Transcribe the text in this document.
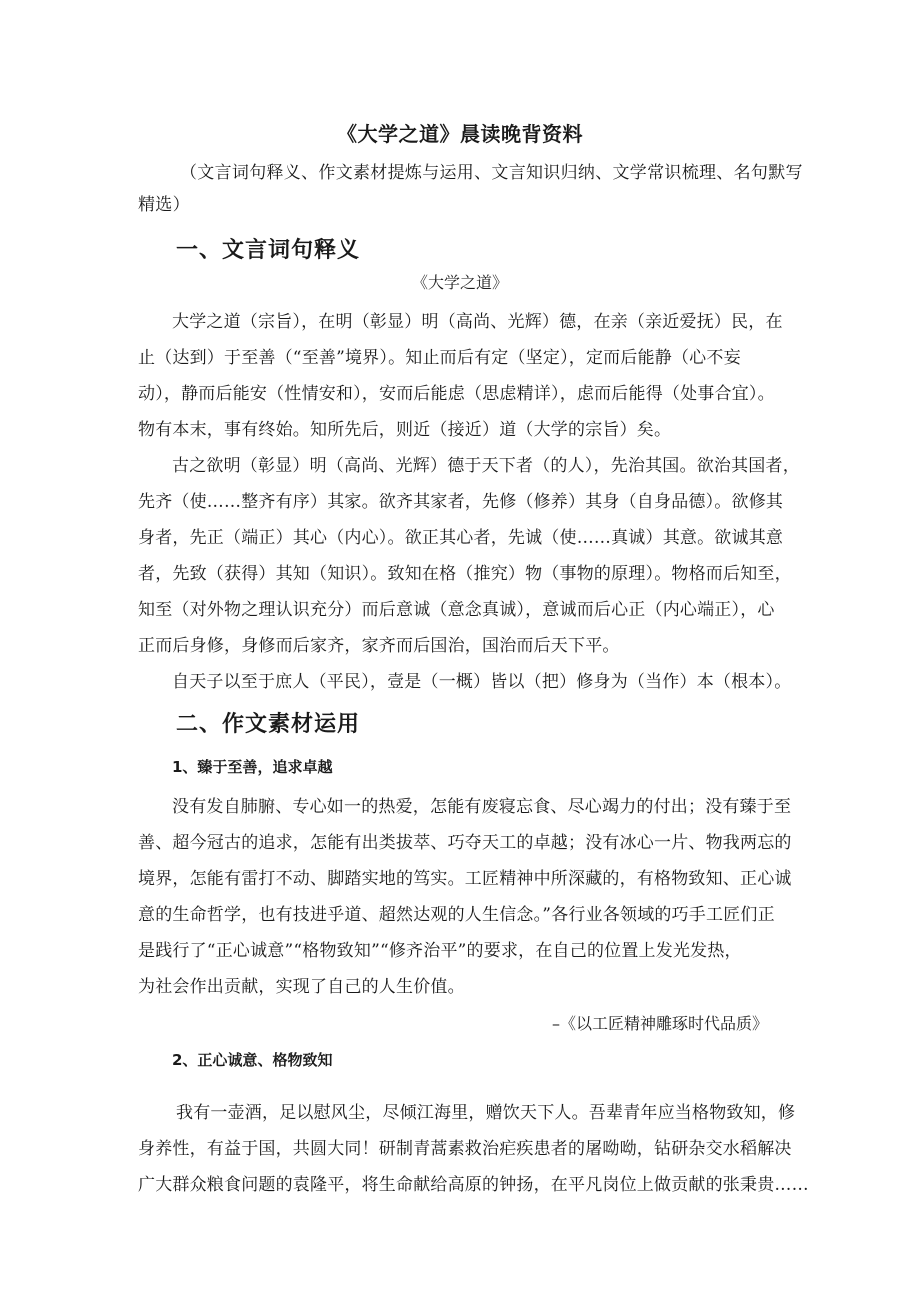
《大学之道》晨读晚背资料

（文言词句释义、作文素材提炼与运用、文言知识归纳、文学常识梳理、名句默写

精选）

一、文言词句释义

《大学之道》

大学之道（宗旨），在明（彰显）明（高尚、光辉）德，在亲（亲近爱抚）民，在

止（达到）于至善（“至善”境界）。知止而后有定（坚定），定而后能静（心不妄

动），静而后能安（性情安和），安而后能虑（思虑精详），虑而后能得（处事合宜）。

物有本末，事有终始。知所先后，则近（接近）道（大学的宗旨）矣。

古之欲明（彰显）明（高尚、光辉）德于天下者（的人），先治其国。欲治其国者，

先齐（使……整齐有序）其家。欲齐其家者，先修（修养）其身（自身品德）。欲修其

身者，先正（端正）其心（内心）。欲正其心者，先诚（使……真诚）其意。欲诚其意

者，先致（获得）其知（知识）。致知在格（推究）物（事物的原理）。物格而后知至，

知至（对外物之理认识充分）而后意诚（意念真诚），意诚而后心正（内心端正），心

正而后身修，身修而后家齐，家齐而后国治，国治而后天下平。

自天子以至于庶人（平民），壹是（一概）皆以（把）修身为（当作）本（根本）。

二、作文素材运用
1、臻于至善，追求卓越

没有发自肺腑、专心如一的热爱，怎能有废寝忘食、尽心竭力的付出；没有臻于至

善、超今冠古的追求，怎能有出类拔萃、巧夺天工的卓越；没有冰心一片、物我两忘的

境界，怎能有雷打不动、脚踏实地的笃实。工匠精神中所深藏的，有格物致知、正心诚

意的生命哲学，也有技进乎道、超然达观的人生信念。”各行业各领域的巧手工匠们正

是践行了“正心诚意”“格物致知”“修齐治平”的要求，在自己的位置上发光发热，

为社会作出贡献，实现了自己的人生价值。

–《以工匠精神雕琢时代品质》

2、正心诚意、格物致知

我有一壶酒，足以慰风尘，尽倾江海里，赠饮天下人。吾辈青年应当格物致知，修

身养性，有益于国，共圆大同！研制青蒿素救治疟疾患者的屠呦呦，钻研杂交水稻解决

广大群众粮食问题的袁隆平，将生命献给高原的钟扬，在平凡岗位上做贡献的张秉贵……
